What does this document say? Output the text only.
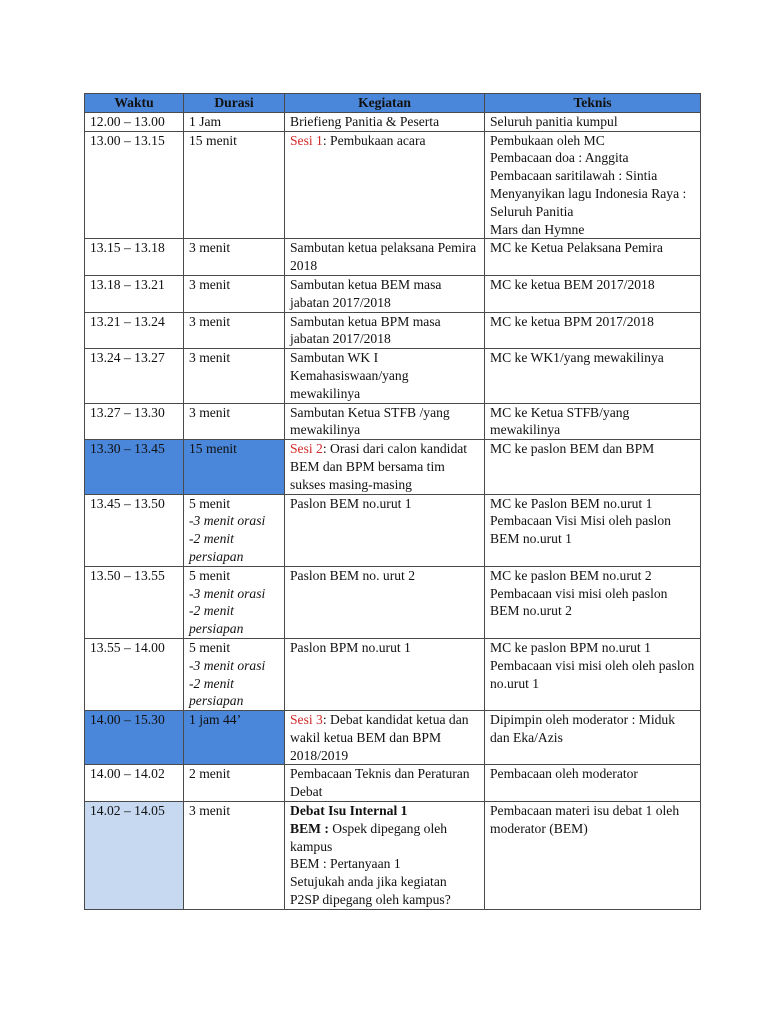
Waktu	Durasi	Kegiatan	Teknis
12.00 – 13.00	1 Jam	Briefieng Panitia & Peserta	Seluruh panitia kumpul

13.00 – 13.15	15 menit	Sesi 1: Pembukaan acara	Pembukaan oleh MC
Pembacaan doa : Anggita
Pembacaan saritilawah : Sintia
Menyanyikan lagu Indonesia Raya : Seluruh Panitia
Mars dan Hymne

13.15 – 13.18	3 menit	Sambutan ketua pelaksana Pemira 2018	MC ke Ketua Pelaksana Pemira

13.18 – 13.21	3 menit	Sambutan ketua BEM masa jabatan 2017/2018	MC ke ketua BEM 2017/2018

13.21 – 13.24	3 menit	Sambutan ketua BPM masa jabatan 2017/2018	MC ke ketua BPM 2017/2018

13.24 – 13.27	3 menit	Sambutan WK I Kemahasiswaan/yang mewakilinya	MC ke WK1/yang mewakilinya

13.27 – 13.30	3 menit	Sambutan Ketua STFB /yang mewakilinya	MC ke Ketua STFB/yang mewakilinya

13.30 – 13.45	15 menit	Sesi 2: Orasi dari calon kandidat BEM dan BPM bersama tim sukses masing-masing	MC ke paslon BEM dan BPM

13.45 – 13.50	5 menit
-3 menit orasi
-2 menit persiapan	Paslon BEM no.urut 1	MC ke Paslon BEM no.urut 1
Pembacaan Visi Misi oleh paslon BEM no.urut 1

13.50 – 13.55	5 menit
-3 menit orasi
-2 menit persiapan	Paslon BEM no. urut 2	MC ke paslon BEM no.urut 2
Pembacaan visi misi oleh paslon BEM no.urut 2

13.55 – 14.00	5 menit
-3 menit orasi
-2 menit persiapan	Paslon BPM no.urut 1	MC ke paslon BPM no.urut 1
Pembacaan visi misi oleh oleh paslon no.urut 1

14.00 – 15.30	1 jam 44’	Sesi 3: Debat kandidat ketua dan wakil ketua BEM dan BPM 2018/2019	Dipimpin oleh moderator : Miduk dan Eka/Azis

14.00 – 14.02	2 menit	Pembacaan Teknis dan Peraturan Debat	Pembacaan oleh moderator

14.02 – 14.05	3 menit	Debat Isu Internal 1
BEM : Ospek dipegang oleh kampus
BEM : Pertanyaan 1
Setujukah anda jika kegiatan P2SP dipegang oleh kampus?	Pembacaan materi isu debat 1 oleh moderator (BEM)
